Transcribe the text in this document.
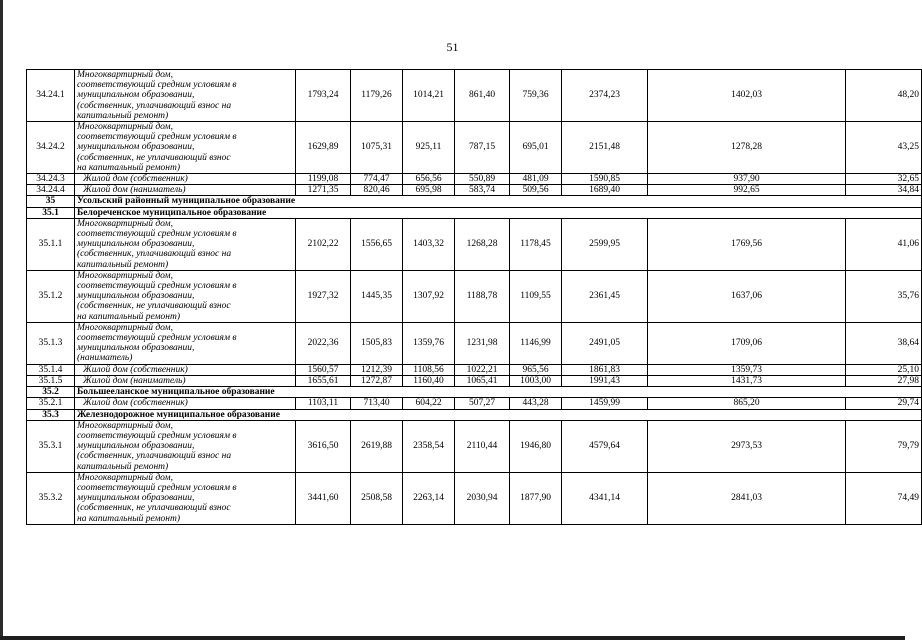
51
34.24.1	Многоквартирный дом,
соответствующий средним условиям в
муниципальном образовании,
(собственник, уплачивающий взнос на
капитальный ремонт)	1793,24	1179,26	1014,21	861,40	759,36	2374,23	1402,03	48,20
34.24.2	Многоквартирный дом,
соответствующий средним условиям в
муниципальном образовании,
(собственник, не уплачивающий взнос
на капитальный ремонт)	1629,89	1075,31	925,11	787,15	695,01	2151,48	1278,28	43,25
34.24.3	Жилой дом (собственник)	1199,08	774,47	656,56	550,89	481,09	1590,85	937,90	32,65
34.24.4	Жилой дом (наниматель)	1271,35	820,46	695,98	583,74	509,56	1689,40	992,65	34,84
35	Усольский районный муниципальное образование								
35.1	Белореченское муниципальное образование								
35.1.1	Многоквартирный дом,
соответствующий средним условиям в
муниципальном образовании,
(собственник, уплачивающий взнос на
капитальный ремонт)	2102,22	1556,65	1403,32	1268,28	1178,45	2599,95	1769,56	41,06
35.1.2	Многоквартирный дом,
соответствующий средним условиям в
муниципальном образовании,
(собственник, не уплачивающий взнос
на капитальный ремонт)	1927,32	1445,35	1307,92	1188,78	1109,55	2361,45	1637,06	35,76
35.1.3	Многоквартирный дом,
соответствующий средним условиям в
муниципальном образовании,
(наниматель)	2022,36	1505,83	1359,76	1231,98	1146,99	2491,05	1709,06	38,64
35.1.4	Жилой дом (собственник)	1560,57	1212,39	1108,56	1022,21	965,56	1861,83	1359,73	25,10
35.1.5	Жилой дом (наниматель)	1655,61	1272,87	1160,40	1065,41	1003,00	1991,43	1431,73	27,98
35.2	Большееланское муниципальное образование								
35.2.1	Жилой дом (собственник)	1103,11	713,40	604,22	507,27	443,28	1459,99	865,20	29,74
35.3	Железнодорожное муниципальное образование								
35.3.1	Многоквартирный дом,
соответствующий средним условиям в
муниципальном образовании,
(собственник, уплачивающий взнос на
капитальный ремонт)	3616,50	2619,88	2358,54	2110,44	1946,80	4579,64	2973,53	79,79
35.3.2	Многоквартирный дом,
соответствующий средним условиям в
муниципальном образовании,
(собственник, не уплачивающий взнос
на капитальный ремонт)	3441,60	2508,58	2263,14	2030,94	1877,90	4341,14	2841,03	74,49
